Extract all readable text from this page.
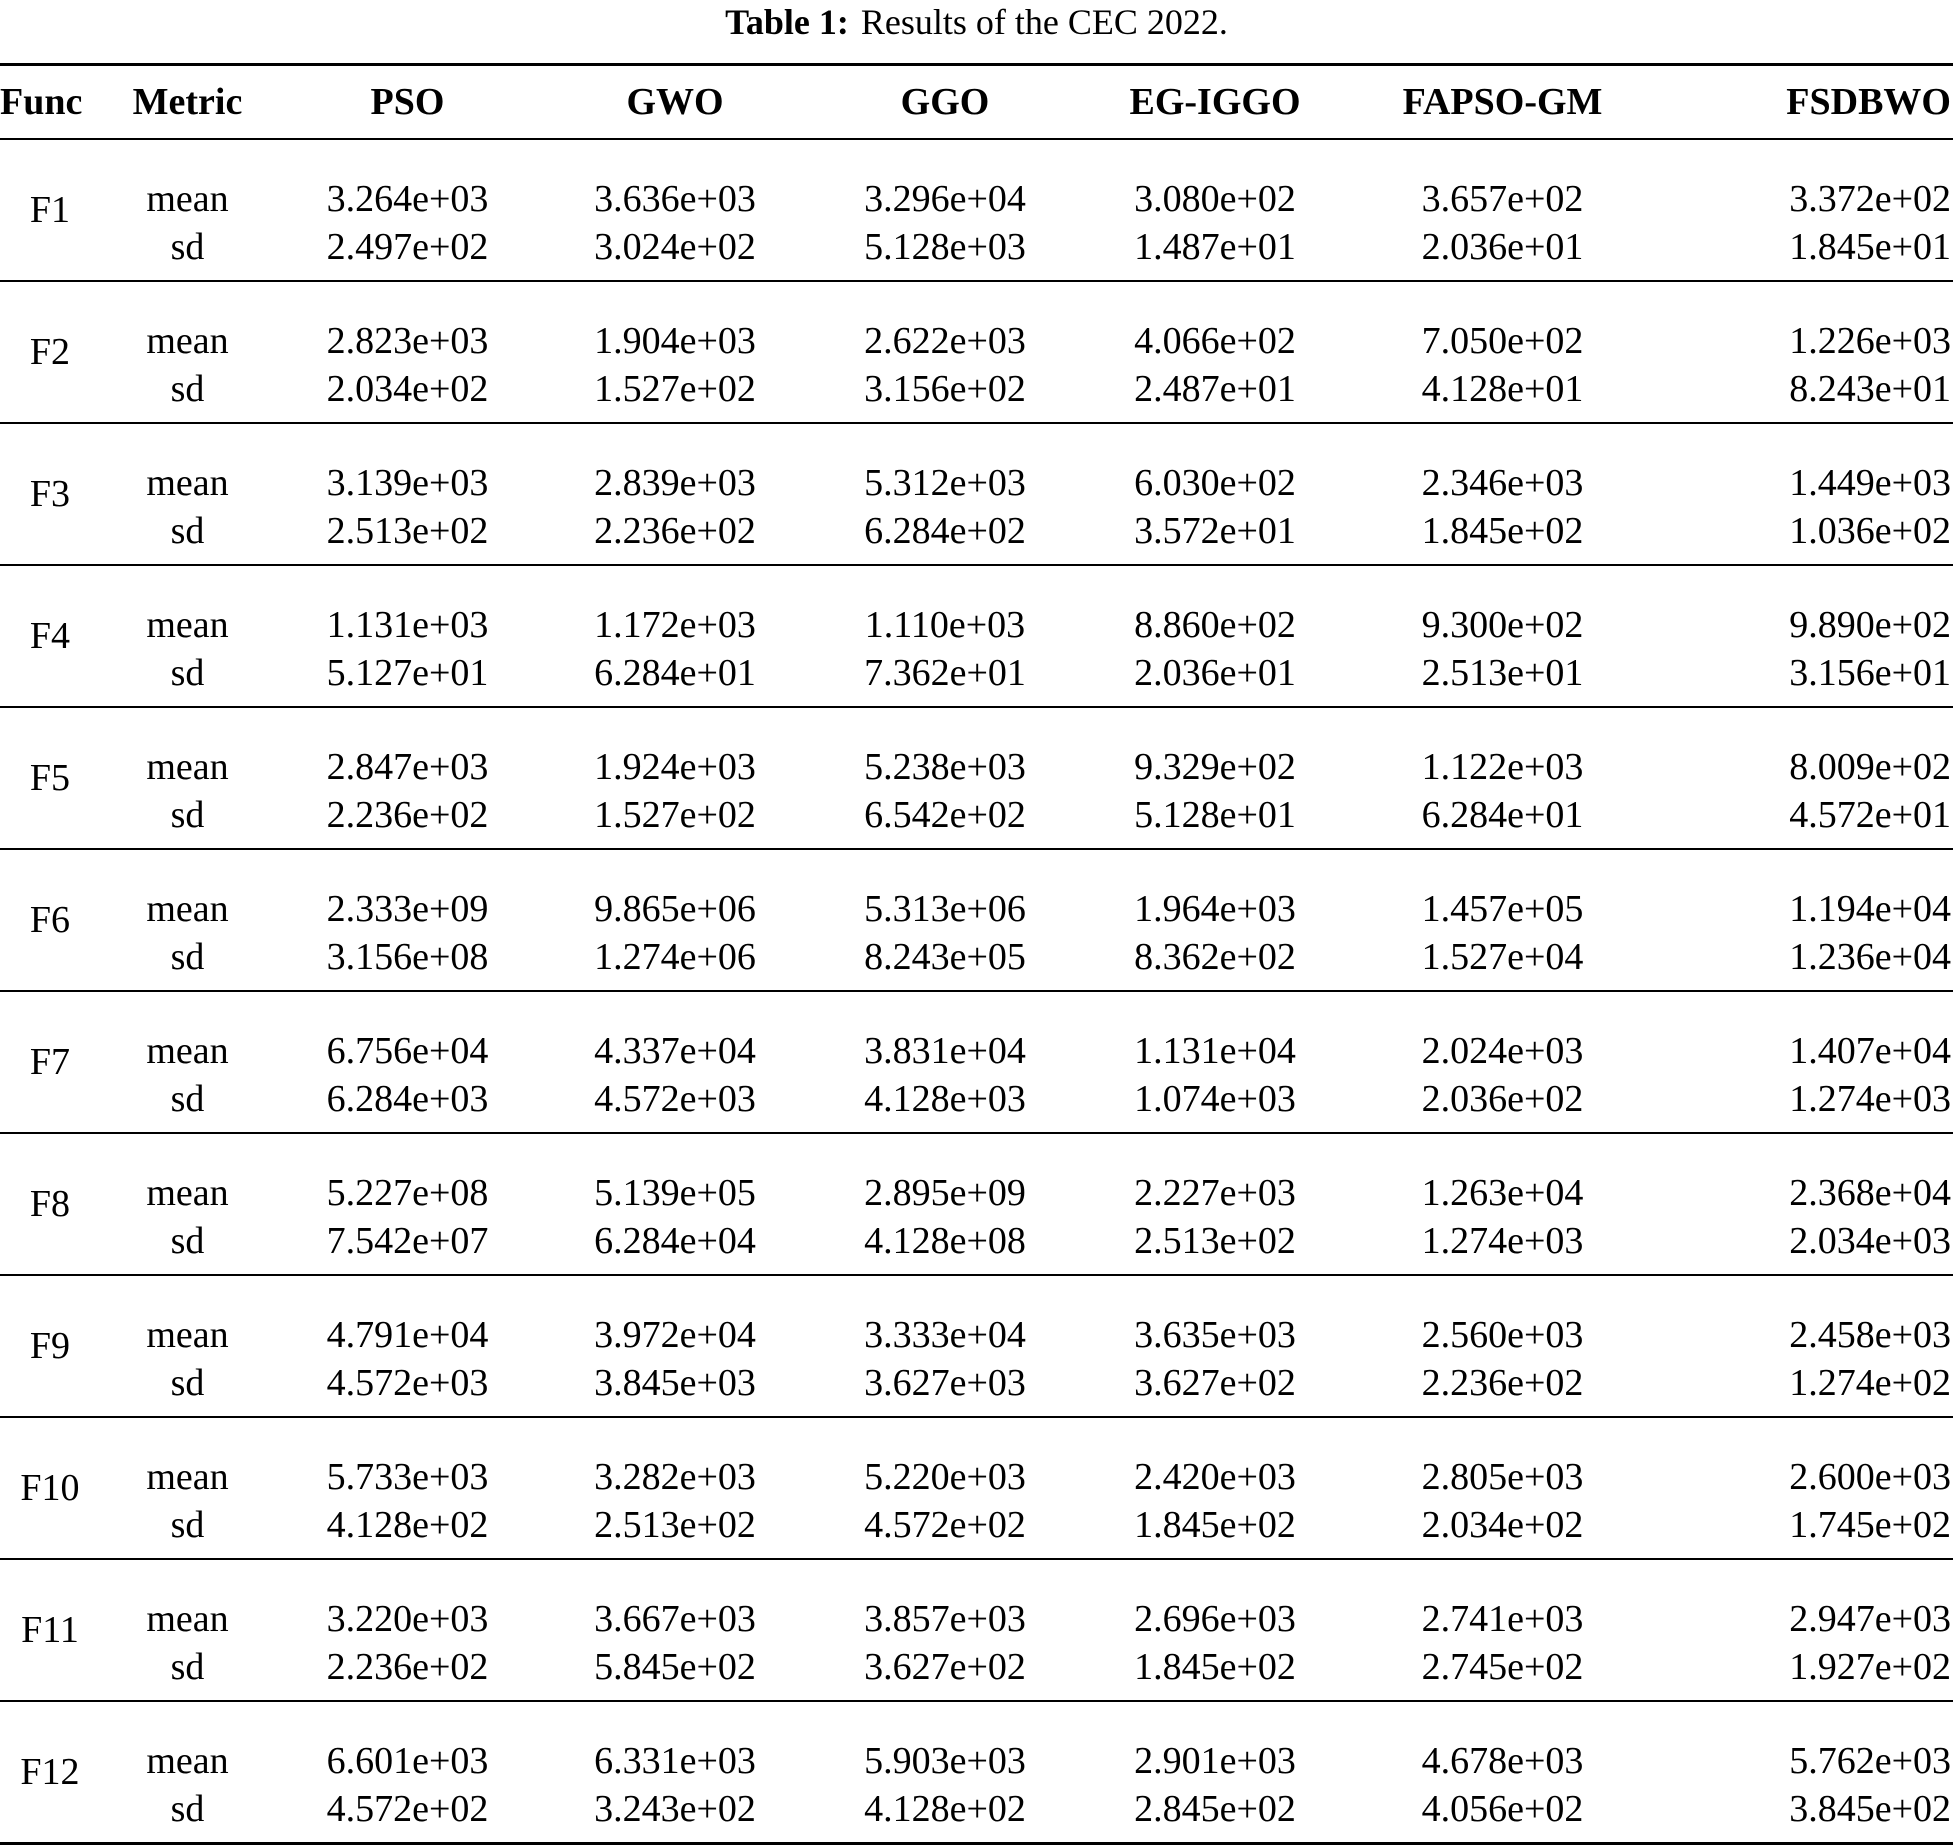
Table 1: Results of the CEC 2022.
Func	Metric	PSO	GWO	GGO	EG-IGGO	FAPSO-GM	FSDBWO
F1	mean	3.264e+03	3.636e+03	3.296e+04	3.080e+02	3.657e+02	3.372e+02
	sd	2.497e+02	3.024e+02	5.128e+03	1.487e+01	2.036e+01	1.845e+01
F2	mean	2.823e+03	1.904e+03	2.622e+03	4.066e+02	7.050e+02	1.226e+03
	sd	2.034e+02	1.527e+02	3.156e+02	2.487e+01	4.128e+01	8.243e+01
F3	mean	3.139e+03	2.839e+03	5.312e+03	6.030e+02	2.346e+03	1.449e+03
	sd	2.513e+02	2.236e+02	6.284e+02	3.572e+01	1.845e+02	1.036e+02
F4	mean	1.131e+03	1.172e+03	1.110e+03	8.860e+02	9.300e+02	9.890e+02
	sd	5.127e+01	6.284e+01	7.362e+01	2.036e+01	2.513e+01	3.156e+01
F5	mean	2.847e+03	1.924e+03	5.238e+03	9.329e+02	1.122e+03	8.009e+02
	sd	2.236e+02	1.527e+02	6.542e+02	5.128e+01	6.284e+01	4.572e+01
F6	mean	2.333e+09	9.865e+06	5.313e+06	1.964e+03	1.457e+05	1.194e+04
	sd	3.156e+08	1.274e+06	8.243e+05	8.362e+02	1.527e+04	1.236e+04
F7	mean	6.756e+04	4.337e+04	3.831e+04	1.131e+04	2.024e+03	1.407e+04
	sd	6.284e+03	4.572e+03	4.128e+03	1.074e+03	2.036e+02	1.274e+03
F8	mean	5.227e+08	5.139e+05	2.895e+09	2.227e+03	1.263e+04	2.368e+04
	sd	7.542e+07	6.284e+04	4.128e+08	2.513e+02	1.274e+03	2.034e+03
F9	mean	4.791e+04	3.972e+04	3.333e+04	3.635e+03	2.560e+03	2.458e+03
	sd	4.572e+03	3.845e+03	3.627e+03	3.627e+02	2.236e+02	1.274e+02
F10	mean	5.733e+03	3.282e+03	5.220e+03	2.420e+03	2.805e+03	2.600e+03
	sd	4.128e+02	2.513e+02	4.572e+02	1.845e+02	2.034e+02	1.745e+02
F11	mean	3.220e+03	3.667e+03	3.857e+03	2.696e+03	2.741e+03	2.947e+03
	sd	2.236e+02	5.845e+02	3.627e+02	1.845e+02	2.745e+02	1.927e+02
F12	mean	6.601e+03	6.331e+03	5.903e+03	2.901e+03	4.678e+03	5.762e+03
	sd	4.572e+02	3.243e+02	4.128e+02	2.845e+02	4.056e+02	3.845e+02
